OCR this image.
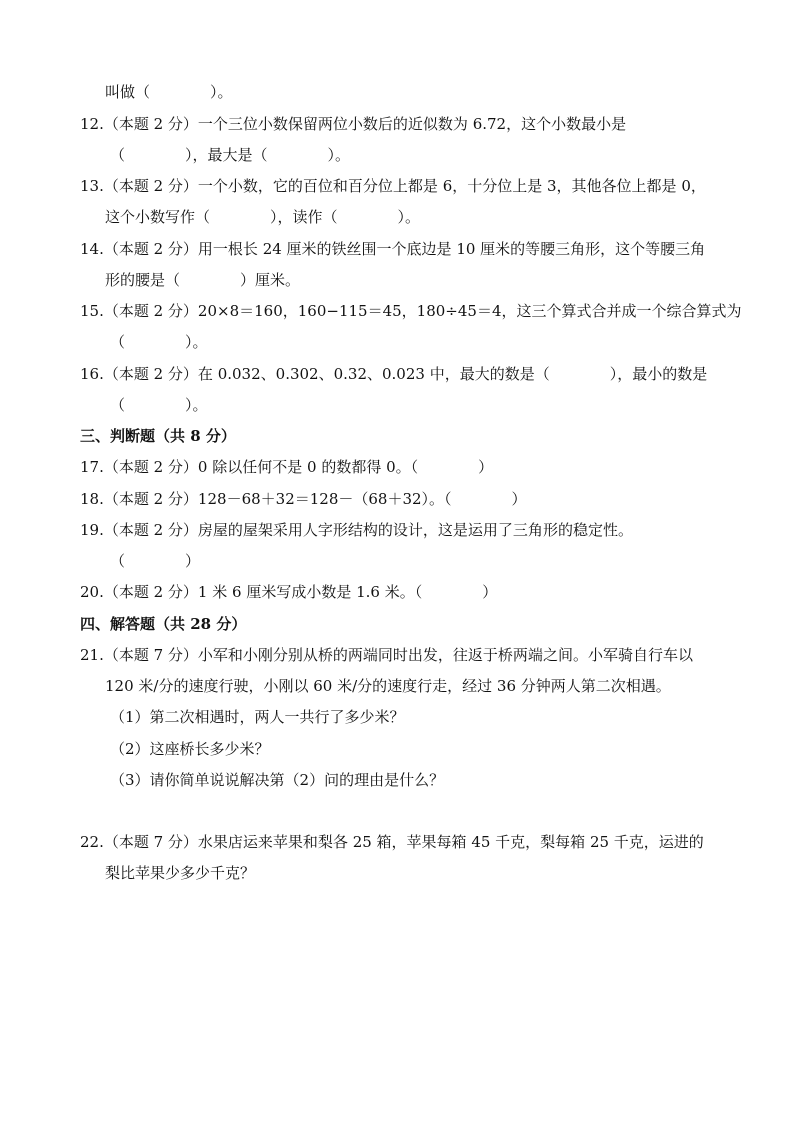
叫做（　　　　）。
12.（本题 2 分）一个三位小数保留两位小数后的近似数为 6.72，这个小数最小是
（　　　　），最大是（　　　　）。
13.（本题 2 分）一个小数，它的百位和百分位上都是 6，十分位上是 3，其他各位上都是 0，
这个小数写作（　　　　），读作（　　　　）。
14.（本题 2 分）用一根长 24 厘米的铁丝围一个底边是 10 厘米的等腰三角形，这个等腰三角
形的腰是（　　　　）厘米。
15.（本题 2 分）20×8＝160，160−115＝45，180÷45＝4，这三个算式合并成一个综合算式为
（　　　　）。
16.（本题 2 分）在 0.032、0.302、0.32、0.023 中，最大的数是（　　　　），最小的数是
（　　　　）。
三、判断题（共 8 分）
17.（本题 2 分）0 除以任何不是 0 的数都得 0。（　　　　）
18.（本题 2 分）128－68＋32＝128－（68＋32）。（　　　　）
19.（本题 2 分）房屋的屋架采用人字形结构的设计，这是运用了三角形的稳定性。
（　　　　）
20.（本题 2 分）1 米 6 厘米写成小数是 1.6 米。（　　　　）
四、解答题（共 28 分）
21.（本题 7 分）小军和小刚分别从桥的两端同时出发，往返于桥两端之间。小军骑自行车以
120 米/分的速度行驶，小刚以 60 米/分的速度行走，经过 36 分钟两人第二次相遇。
（1）第二次相遇时，两人一共行了多少米？
（2）这座桥长多少米？
（3）请你简单说说解决第（2）问的理由是什么？
22.（本题 7 分）水果店运来苹果和梨各 25 箱，苹果每箱 45 千克，梨每箱 25 千克，运进的
梨比苹果少多少千克？
